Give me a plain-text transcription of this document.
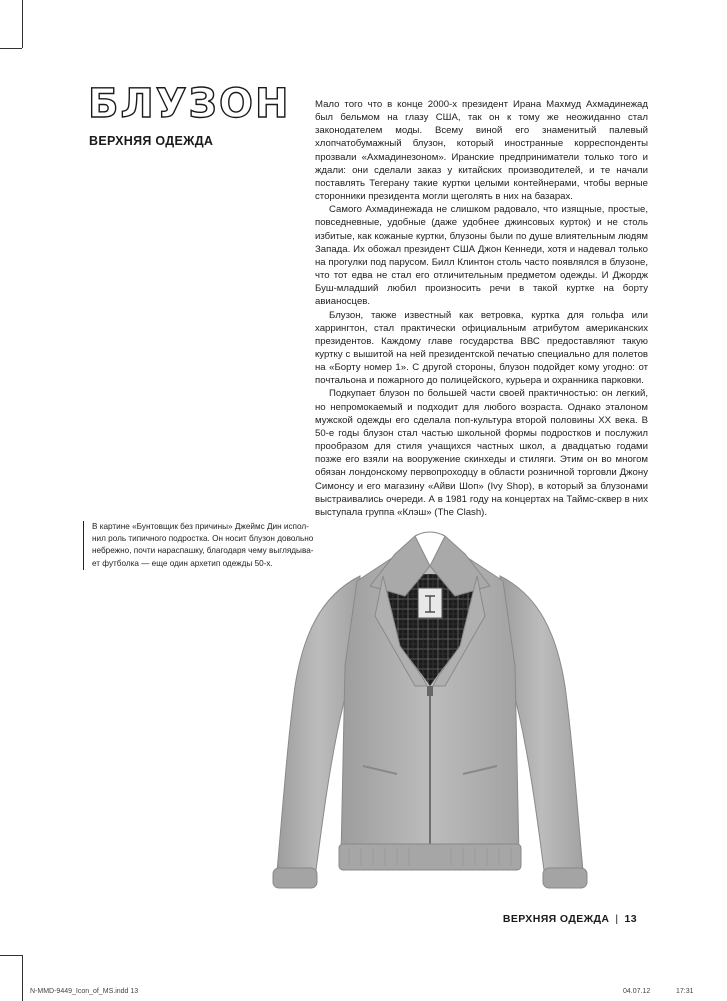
БЛУЗОН
ВЕРХНЯЯ ОДЕЖДА

Мало того что в конце 2000-х президент Ирана Махмуд Ахмадинежад был бельмом на глазу США, так он к тому же неожиданно стал законодателем моды. Всему виной его знаменитый палевый хлопчатобумажный блузон, который иностранные корреспонденты прозвали «Ахмадинезоном». Иранские предприниматели только того и ждали: они сделали заказ у китайских производителей, и те начали поставлять Тегерану такие куртки целыми контейнерами, чтобы верные сторонники президента могли щеголять в них на базарах.

Самого Ахмадинежада не слишком радовало, что изящные, простые, повседневные, удобные (даже удобнее джинсовых курток) и не столь избитые, как кожаные куртки, блузоны были по душе влиятельным людям Запада. Их обожал президент США Джон Кеннеди, хотя и надевал только на прогулки под парусом. Билл Клинтон столь часто появлялся в блузоне, что тот едва не стал его отличительным предметом одежды. И Джордж Буш-младший любил произносить речи в такой куртке на борту авианосцев.

Блузон, также известный как ветровка, куртка для гольфа или харрингтон, стал практически официальным атрибутом американских президентов. Каждому главе государства ВВС предоставляют такую куртку с вышитой на ней президентской печатью специально для полетов на «Борту номер 1». С другой стороны, блузон подойдет кому угодно: от почтальона и пожарного до полицейского, курьера и охранника парковки.

Подкупает блузон по большей части своей практичностью: он легкий, но непромокаемый и подходит для любого возраста. Однако эталоном мужской одежды его сделала поп-культура второй половины XX века. В 50-е годы блузон стал частью школьной формы подростков и послужил прообразом для стиля учащихся частных школ, а двадцатью годами позже его взяли на вооружение скинхеды и стиляги. Этим он во многом обязан лондонскому первопроходцу в области розничной торговли Джону Симонсу и его магазину «Айви Шоп» (Ivy Shop), в который за блузонами выстраивались очереди. А в 1981 году на концертах на Таймс-сквер в них выступала группа «Клэш» (The Clash).

В картине «Бунтовщик без причины» Джеймс Дин испол-
нил роль типичного подростка. Он носит блузон довольно
небрежно, почти нараспашку, благодаря чему выглядыва-
ет футболка — еще один архетип одежды 50-х.
ВЕРХНЯЯ ОДЕЖДА | 13
N-MMD-9449_Icon_of_MS.indd 13	04.07.12	17:31
